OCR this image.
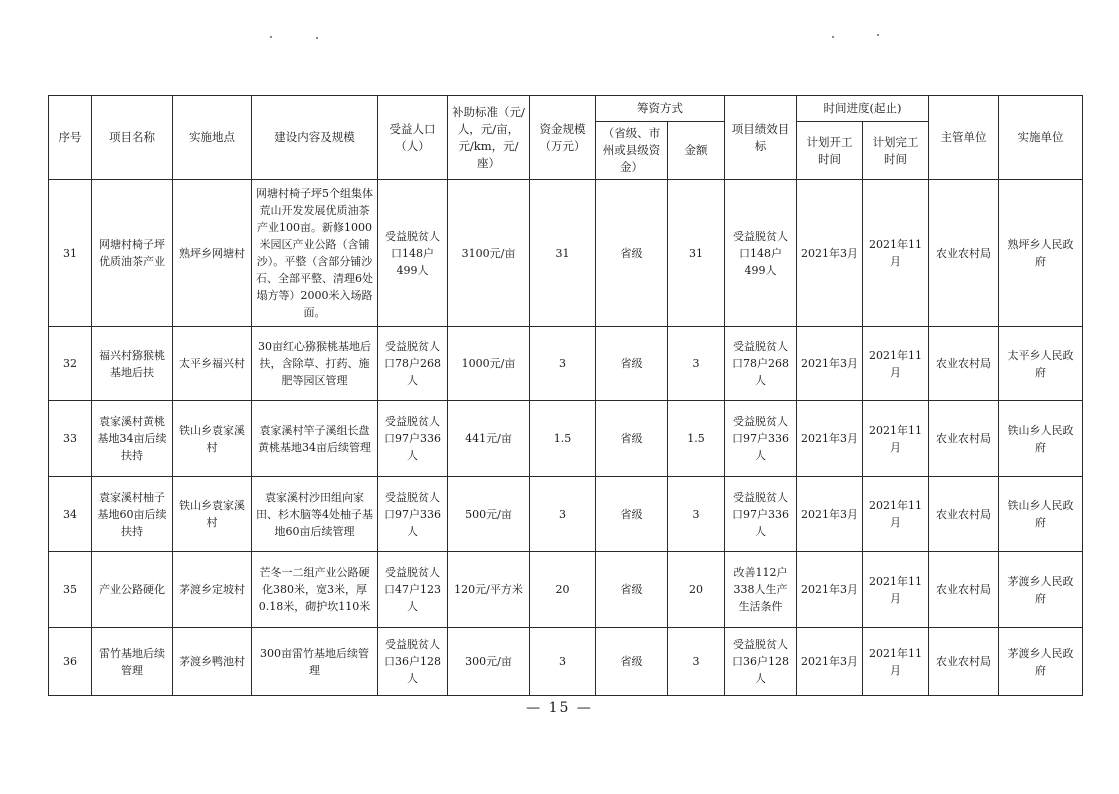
序号	项目名称	实施地点	建设内容及规模	受益人口（人）	补助标准（元/人，元/亩，元/km，元/座）	资金规模（万元）	筹资方式		项目绩效目标	时间进度(起止)		主管单位	实施单位
							（省级、市州或县级资金）	金额		计划开工时间	计划完工时间		
31	网塘村椅子坪优质油茶产业	熟坪乡网塘村	网塘村椅子坪5个组集体荒山开发发展优质油茶产业100亩。新修1000米园区产业公路（含铺沙）。平整（含部分铺沙石、全部平整、清理6处塌方等）2000米入场路面。	受益脱贫人口148户499人	3100元/亩	31	省级	31	受益脱贫人口148户499人	2021年3月	2021年11月	农业农村局	熟坪乡人民政府
32	福兴村猕猴桃基地后扶	太平乡福兴村	30亩红心猕猴桃基地后扶，含除草、打药、施肥等园区管理	受益脱贫人口78户268人	1000元/亩	3	省级	3	受益脱贫人口78户268人	2021年3月	2021年11月	农业农村局	太平乡人民政府
33	袁家溪村黄桃基地34亩后续扶持	铁山乡袁家溪村	袁家溪村竿子溪组长盘黄桃基地34亩后续管理	受益脱贫人口97户336人	441元/亩	1.5	省级	1.5	受益脱贫人口97户336人	2021年3月	2021年11月	农业农村局	铁山乡人民政府
34	袁家溪村柚子基地60亩后续扶持	铁山乡袁家溪村	袁家溪村沙田组向家田、杉木脑等4处柚子基地60亩后续管理	受益脱贫人口97户336人	500元/亩	3	省级	3	受益脱贫人口97户336人	2021年3月	2021年11月	农业农村局	铁山乡人民政府
35	产业公路硬化	茅渡乡定坡村	芒冬一二组产业公路硬化380米，宽3米，厚0.18米，砌护坎110米	受益脱贫人口47户123人	120元/平方米	20	省级	20	改善112户338人生产生活条件	2021年3月	2021年11月	农业农村局	茅渡乡人民政府
36	雷竹基地后续管理	茅渡乡鸭池村	300亩雷竹基地后续管理	受益脱贫人口36户128人	300元/亩	3	省级	3	受益脱贫人口36户128人	2021年3月	2021年11月	农业农村局	茅渡乡人民政府
— 15 —
